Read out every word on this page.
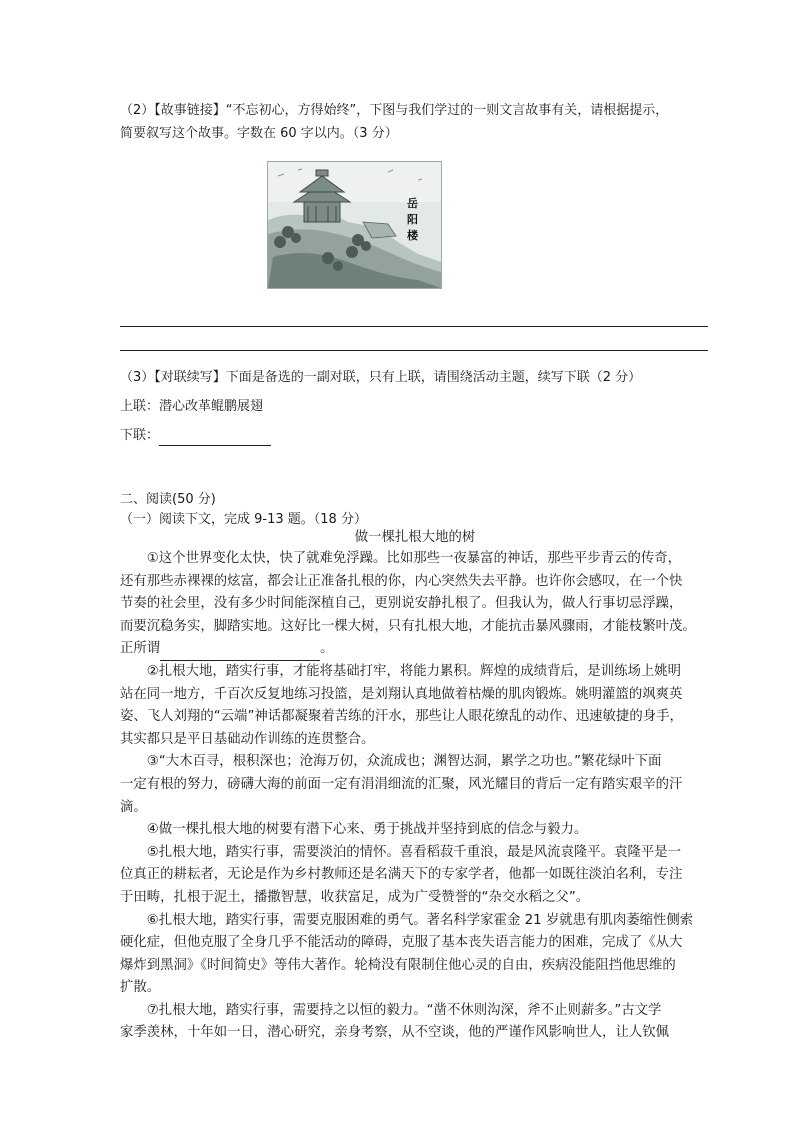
（2）【故事链接】“不忘初心，方得始终”，下图与我们学过的一则文言故事有关，请根据提示，
简要叙写这个故事。字数在 60 字以内。（3 分）
岳
阳
楼
（3）【对联续写】下面是备选的一副对联，只有上联，请围绕活动主题，续写下联（2 分）
上联：潜心改革鲲鹏展翅
下联：
二、阅读(50 分)
（一）阅读下文，完成 9-13 题。（18 分）
做一棵扎根大地的树
①这个世界变化太快，快了就难免浮躁。比如那些一夜暴富的神话，那些平步青云的传奇，
还有那些赤裸裸的炫富，都会让正准备扎根的你，内心突然失去平静。也许你会感叹，在一个快
节奏的社会里，没有多少时间能深植自己，更别说安静扎根了。但我认为，做人行事切忌浮躁，
而要沉稳务实，脚踏实地。这好比一棵大树，只有扎根大地，才能抗击暴风骤雨，才能枝繁叶茂。
正所谓	。
②扎根大地，踏实行事，才能将基础打牢，将能力累积。辉煌的成绩背后，是训练场上姚明
站在同一地方，千百次反复地练习投篮，是刘翔认真地做着枯燥的肌肉锻炼。姚明灌篮的飒爽英
姿、飞人刘翔的“云端”神话都凝聚着苦练的汗水，那些让人眼花缭乱的动作、迅速敏捷的身手，
其实都只是平日基础动作训练的连贯整合。
③“大木百寻，根积深也；沧海万仞，众流成也；渊智达洞，累学之功也。”繁花绿叶下面
一定有根的努力，磅礴大海的前面一定有涓涓细流的汇聚，风光耀目的背后一定有踏实艰辛的汗
滴。
④做一棵扎根大地的树要有潜下心来、勇于挑战并坚持到底的信念与毅力。
⑤扎根大地，踏实行事，需要淡泊的情怀。喜看稻菽千重浪，最是风流袁隆平。袁隆平是一
位真正的耕耘者，无论是作为乡村教师还是名满天下的专家学者，他都一如既往淡泊名利，专注
于田畴，扎根于泥土，播撒智慧，收获富足，成为广受赞誉的“杂交水稻之父”。
⑥扎根大地，踏实行事，需要克服困难的勇气。著名科学家霍金 21 岁就患有肌肉萎缩性侧索
硬化症，但他克服了全身几乎不能活动的障碍，克服了基本丧失语言能力的困难，完成了《从大
爆炸到黑洞》《时间简史》等伟大著作。轮椅没有限制住他心灵的自由，疾病没能阻挡他思维的
扩散。
⑦扎根大地，踏实行事，需要持之以恒的毅力。“凿不休则沟深，斧不止则薪多。”古文学
家季羡林，十年如一日，潜心研究，亲身考察，从不空谈，他的严谨作风影响世人，让人钦佩
